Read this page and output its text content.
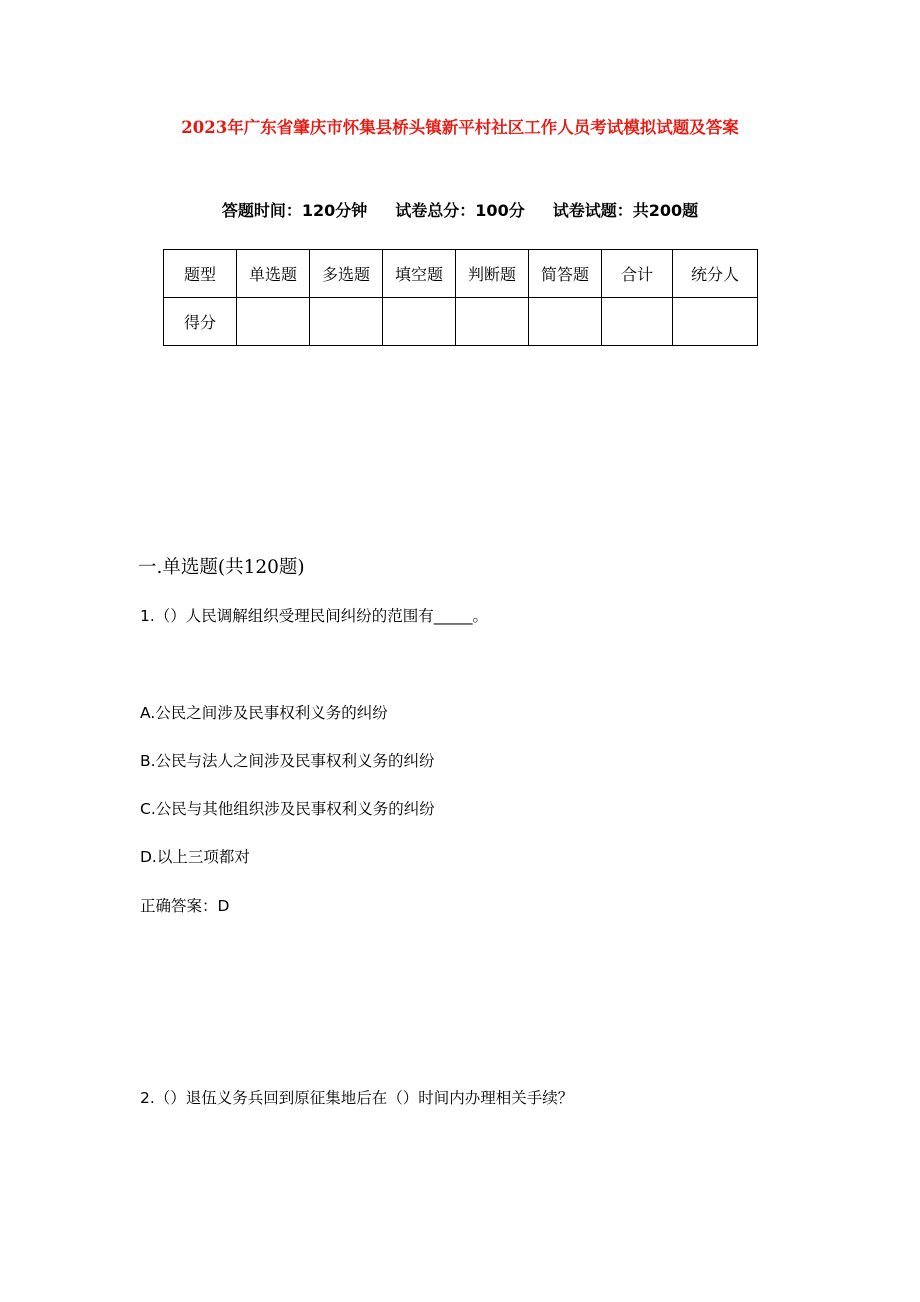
2023年广东省肇庆市怀集县桥头镇新平村社区工作人员考试模拟试题及答案
答题时间：120分钟 试卷总分：100分 试卷试题：共200题
题型	单选题	多选题	填空题	判断题	简答题	合计	统分人
得分							
一.单选题(共120题)
1.（）人民调解组织受理民间纠纷的范围有_____。
A.公民之间涉及民事权利义务的纠纷
B.公民与法人之间涉及民事权利义务的纠纷
C.公民与其他组织涉及民事权利义务的纠纷
D.以上三项都对
正确答案：D
2.（）退伍义务兵回到原征集地后在（）时间内办理相关手续？
